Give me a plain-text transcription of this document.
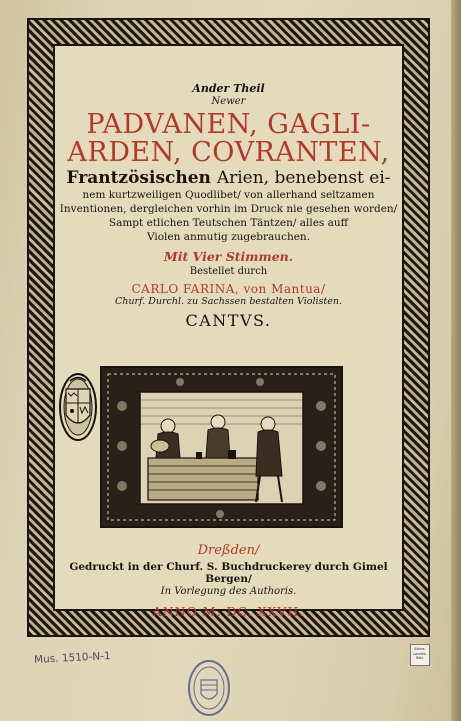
Ander Theil
Newer
PADVANEN, GAGLI-
ARDEN, COVRANTEN,
Frantzösischen Arien, benebenst ei-
nem kurtzweiligen Quodlibet/ von allerhand seltzamen
Inventionen, dergleichen vorhin im Druck nie gesehen worden/
Sampt etlichen Teutschen Täntzen/ alles auff
Violen anmutig zugebrauchen.
Mit Vier Stimmen.
Bestellet durch
CARLO FARINA, von Mantua/
Churf. Durchl. zu Sachssen bestalten Violisten.
CANTVS.
Dreßden/
Gedruckt in der Churf. S. Buchdruckerey durch Gimel Bergen/
In Vorlegung des Authoris.
ANNO M. DC. XXVII.
Mus. 1510-N-1
Sächs. Landes-Bibl.
